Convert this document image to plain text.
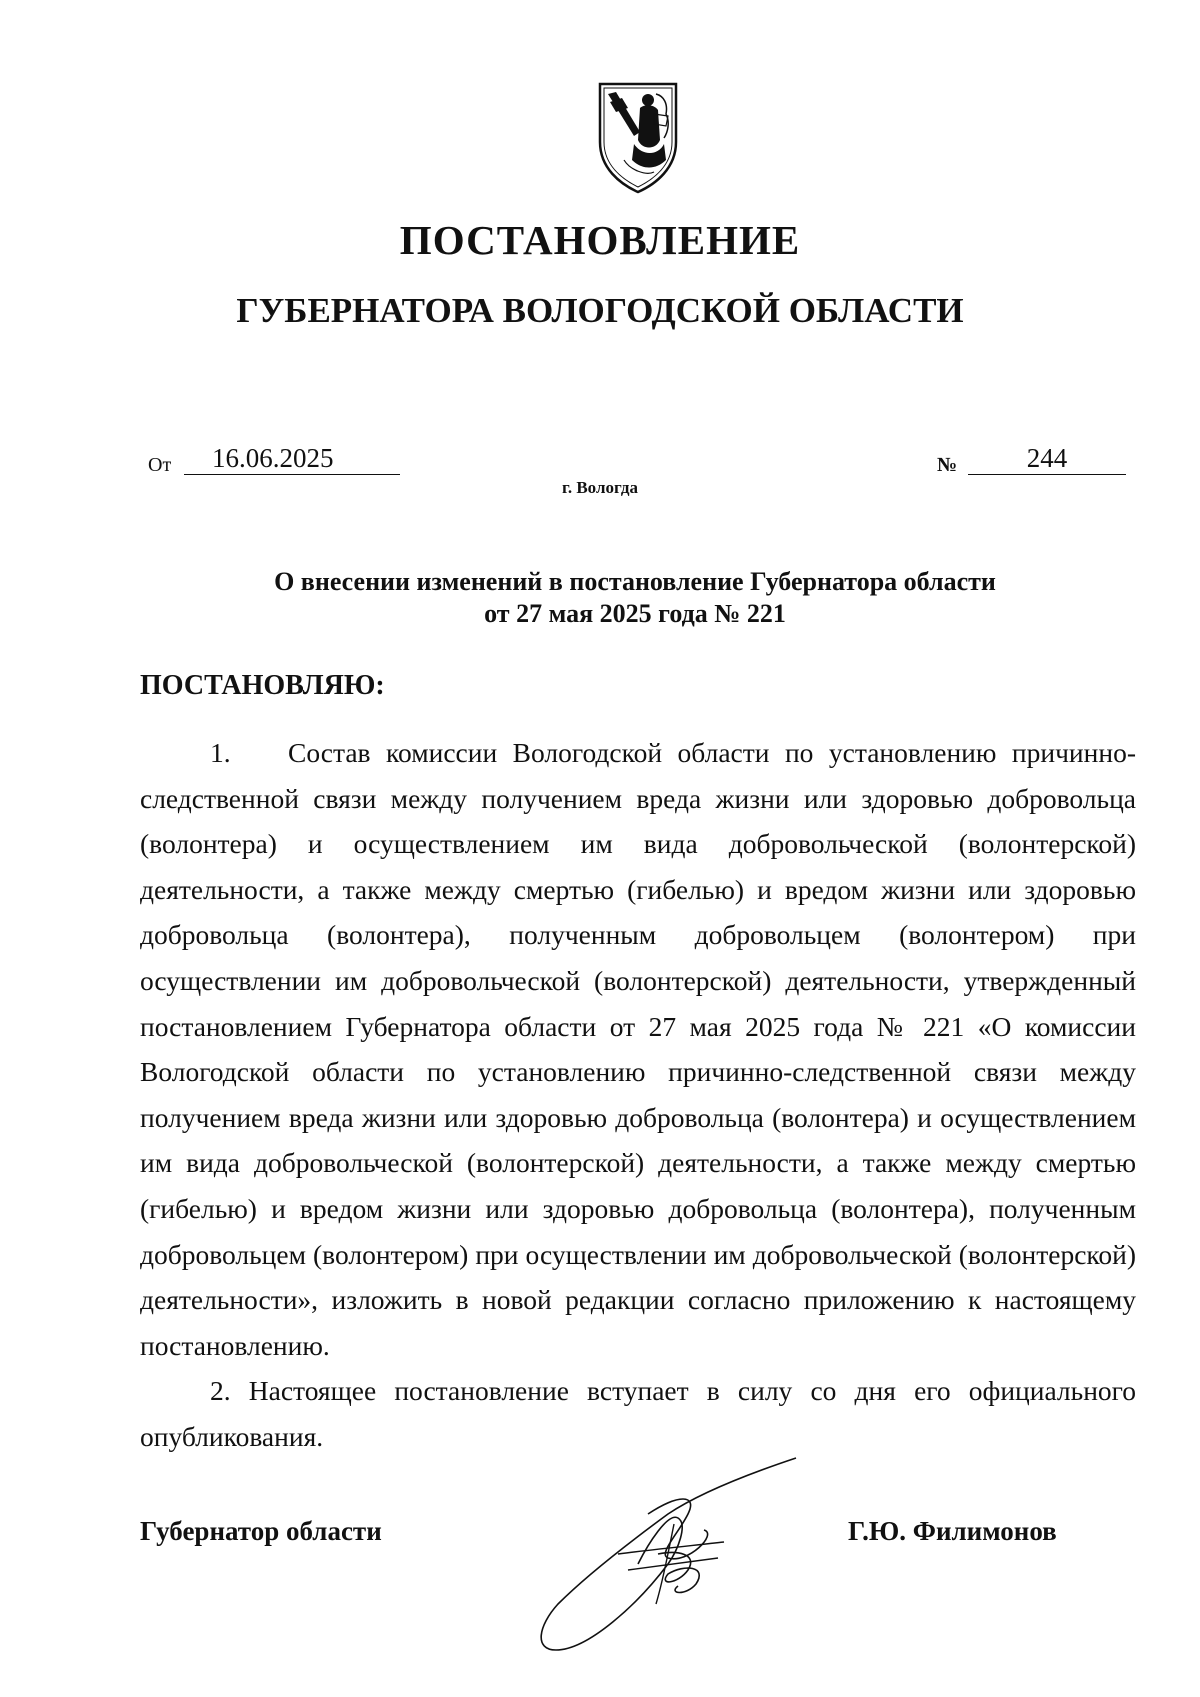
ПОСТАНОВЛЕНИЕ
ГУБЕРНАТОРА ВОЛОГОДСКОЙ ОБЛАСТИ
От	16.06.2025	№	244
г. Вологда
О внесении изменений в постановление Губернатора области
от 27 мая 2025 года № 221
ПОСТАНОВЛЯЮ:

1. Состав комиссии Вологодской области по установлению причинно-следственной связи между получением вреда жизни или здоровью добровольца (волонтера) и осуществлением им вида добровольческой (волонтерской) деятельности, а также между смертью (гибелью) и вредом жизни или здоровью добровольца (волонтера), полученным добровольцем (волонтером) при осуществлении им добровольческой (волонтерской) деятельности, утвержденный постановлением Губернатора области от 27 мая 2025 года № 221 «О комиссии Вологодской области по установлению причинно-следственной связи между получением вреда жизни или здоровью добровольца (волонтера) и осуществлением им вида добровольческой (волонтерской) деятельности, а также между смертью (гибелью) и вредом жизни или здоровью добровольца (волонтера), полученным добровольцем (волонтером) при осуществлении им добровольческой (волонтерской) деятельности», изложить в новой редакции согласно приложению к настоящему постановлению.

2. Настоящее постановление вступает в силу со дня его официального опубликования.

Губернатор области	Г.Ю. Филимонов
